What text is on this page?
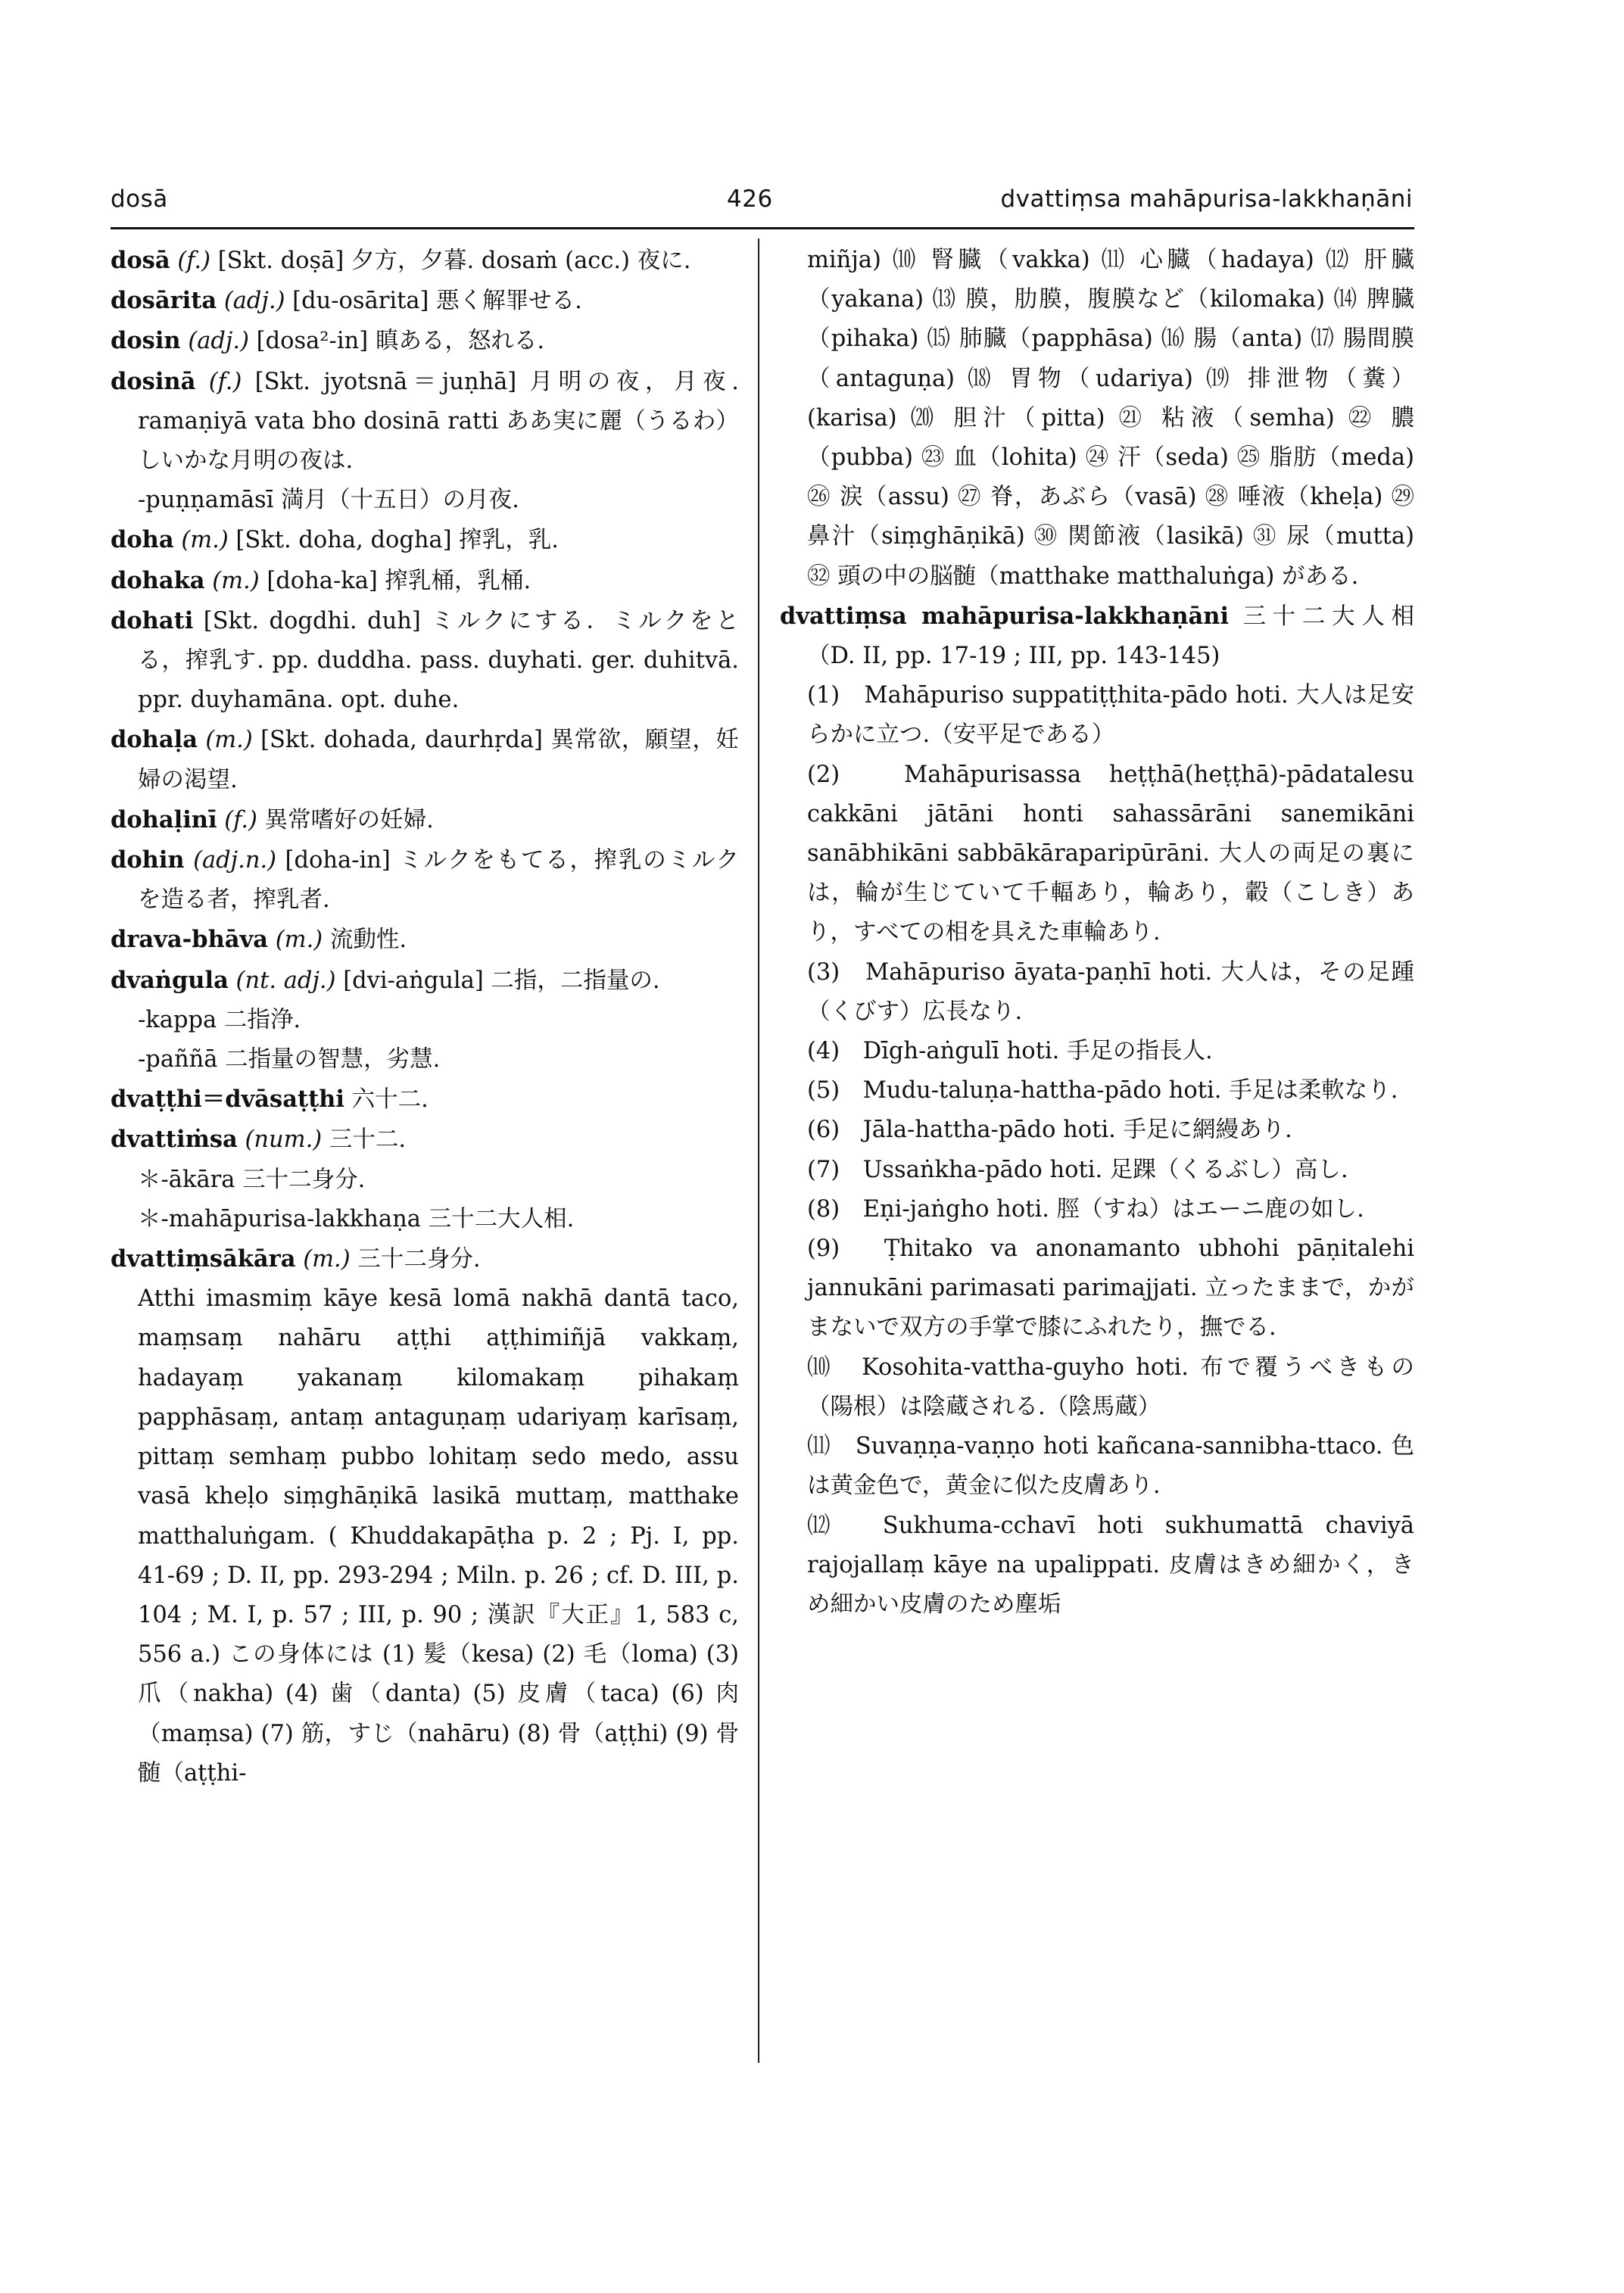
dosā	426	dvattiṃsa mahāpurisa-lakkhaṇāni

dosā (f.) [Skt. doṣā] 夕方，夕暮. dosaṁ (acc.) 夜に.

dosārita (adj.) [du-osārita] 悪く解罪せる.

dosin (adj.) [dosa²-in] 瞋ある，怒れる.

dosinā (f.) [Skt. jyotsnā＝juṇhā] 月明の夜，月夜. ramaṇiyā vata bho dosinā ratti ああ実に麗（うるわ）しいかな月明の夜は.

-puṇṇamāsī 満月（十五日）の月夜.

doha (m.) [Skt. doha, dogha] 搾乳，乳.

dohaka (m.) [doha-ka] 搾乳桶，乳桶.

dohati [Skt. dogdhi. duh] ミルクにする．ミルクをとる，搾乳す. pp. duddha. pass. duyhati. ger. duhitvā. ppr. duyhamāna. opt. duhe.

dohaḷa (m.) [Skt. dohada, daurhṛda] 異常欲，願望，妊婦の渇望.

dohaḷinī (f.) 異常嗜好の妊婦.

dohin (adj.n.) [doha-in] ミルクをもてる，搾乳のミルクを造る者，搾乳者.

drava-bhāva (m.) 流動性.

dvaṅgula (nt. adj.) [dvi-aṅgula] 二指，二指量の.

-kappa 二指浄.

-paññā 二指量の智慧，劣慧.

dvaṭṭhi＝dvāsaṭṭhi 六十二.

dvattiṁsa (num.) 三十二.

＊-ākāra 三十二身分.

＊-mahāpurisa-lakkhaṇa 三十二大人相.

dvattiṃsākāra (m.) 三十二身分.

Atthi imasmiṃ kāye kesā lomā nakhā dantā taco, maṃsaṃ nahāru aṭṭhi aṭṭhimiñjā vakkaṃ, hadayaṃ yakanaṃ kilomakaṃ pihakaṃ papphāsaṃ, antaṃ antaguṇaṃ udariyaṃ karīsaṃ, pittaṃ semhaṃ pubbo lohitaṃ sedo medo, assu vasā kheḷo siṃghāṇikā lasikā muttaṃ, matthake matthaluṅgam. ( Khuddakapāṭha p. 2 ; Pj. I, pp. 41-69 ; D. II, pp. 293-294 ; Miln. p. 26 ; cf. D. III, p. 104 ; M. I, p. 57 ; III, p. 90 ; 漢訳『大正』1, 583 c, 556 a.) この身体には (1) 髪（kesa) (2) 毛（loma) (3) 爪（nakha) (4) 歯（danta) (5) 皮膚（taca) (6) 肉（maṃsa) (7) 筋，すじ（nahāru) (8) 骨（aṭṭhi) (9) 骨髄（aṭṭhi-

miñja) ⑽ 腎臓（vakka) ⑾ 心臓（hadaya) ⑿ 肝臓（yakana) ⒀ 膜，肋膜，腹膜など（kilomaka) ⒁ 脾臓（pihaka) ⒂ 肺臓（papphāsa) ⒃ 腸（anta) ⒄ 腸間膜（antaguṇa) ⒅ 胃物（udariya) ⒆ 排泄物（糞）(karisa) ⒇ 胆汁（pitta) ㉑ 粘液（semha) ㉒ 膿（pubba) ㉓ 血（lohita) ㉔ 汗（seda) ㉕ 脂肪（meda) ㉖ 涙（assu) ㉗ 脊，あぶら（vasā) ㉘ 唾液（kheḷa) ㉙ 鼻汁（siṃghāṇikā) ㉚ 関節液（lasikā) ㉛ 尿（mutta) ㉜ 頭の中の脳髄（matthake matthaluṅga) がある.

dvattiṃsa mahāpurisa-lakkhaṇāni 三十二大人相（D. II, pp. 17-19 ; III, pp. 143-145)

(1)　Mahāpuriso suppatiṭṭhita-pādo hoti. 大人は足安らかに立つ.（安平足である）

(2)　Mahāpurisassa heṭṭhā(heṭṭhā)-pādatalesu cakkāni jātāni honti sahassārāni sanemikāni sanābhikāni sabbākāraparipūrāni. 大人の両足の裏には，輪が生じていて千輻あり，輪あり，轂（こしき）あり，すべての相を具えた車輪あり.

(3)　Mahāpuriso āyata-paṇhī hoti. 大人は，その足踵（くびす）広長なり.

(4)　Dīgh-aṅgulī hoti. 手足の指長人.

(5)　Mudu-taluṇa-hattha-pādo hoti. 手足は柔軟なり.

(6)　Jāla-hattha-pādo hoti. 手足に網縵あり.

(7)　Ussaṅkha-pādo hoti. 足踝（くるぶし）高し.

(8)　Eṇi-jaṅgho hoti. 脛（すね）はエーニ鹿の如し.

(9)　Ṭhitako va anonamanto ubhohi pāṇitalehi jannukāni parimasati parimajjati. 立ったままで，かがまないで双方の手掌で膝にふれたり，撫でる.

⑽　Kosohita-vattha-guyho hoti. 布で覆うべきもの（陽根）は陰蔵される.（陰馬蔵）

⑾　Suvaṇṇa-vaṇṇo hoti kañcana-sannibha-ttaco. 色は黄金色で，黄金に似た皮膚あり.

⑿　Sukhuma-cchavī hoti sukhumattā chaviyā rajojallaṃ kāye na upalippati. 皮膚はきめ細かく，きめ細かい皮膚のため塵垢
